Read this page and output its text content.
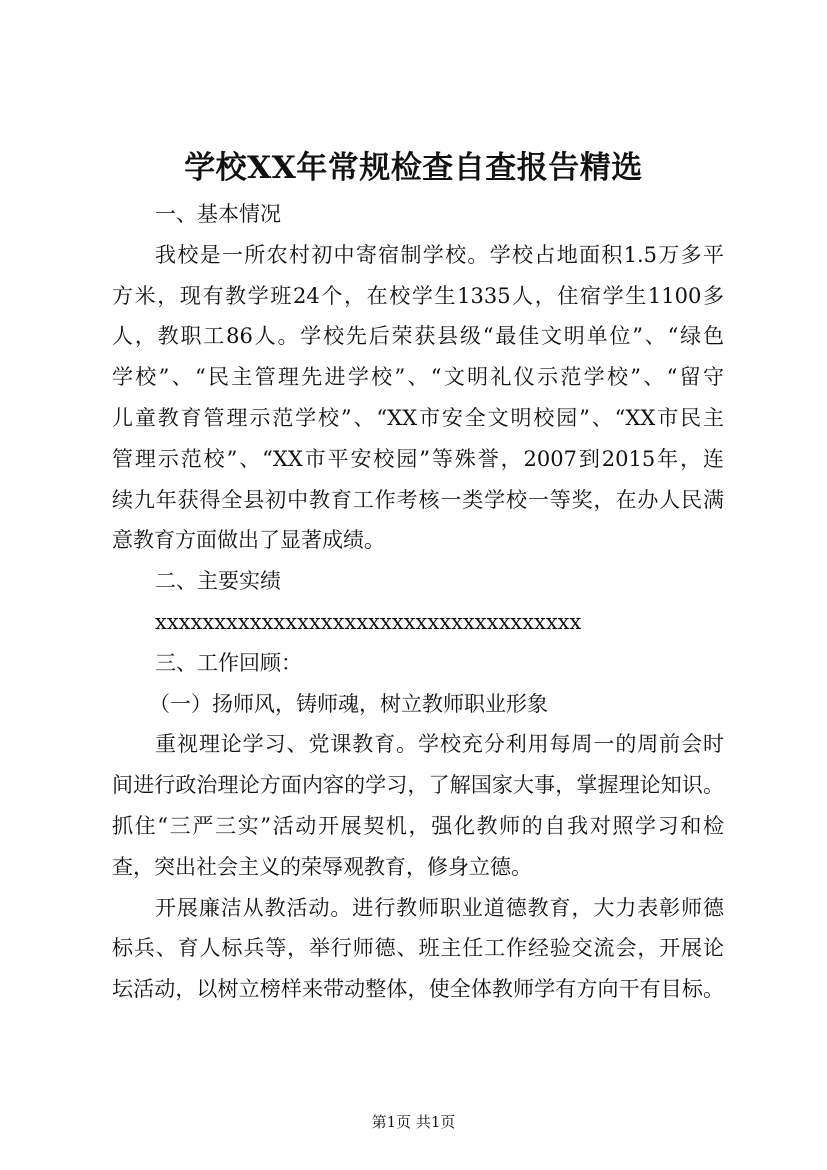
学校XX年常规检查自查报告精选
一、基本情况
我校是一所农村初中寄宿制学校。学校占地面积1.5万多平
方米，现有教学班24个，在校学生1335人，住宿学生1100多
人，教职工86人。学校先后荣获县级“最佳文明单位”、“绿色
学校”、“民主管理先进学校”、“文明礼仪示范学校”、“留守
儿童教育管理示范学校”、“XX市安全文明校园”、“XX市民主
管理示范校”、“XX市平安校园”等殊誉，2007到2015年，连
续九年获得全县初中教育工作考核一类学校一等奖，在办人民满
意教育方面做出了显著成绩。
二、主要实绩
xxxxxxxxxxxxxxxxxxxxxxxxxxxxxxxxxxxx
三、工作回顾：
（一）扬师风，铸师魂，树立教师职业形象
重视理论学习、党课教育。学校充分利用每周一的周前会时
间进行政治理论方面内容的学习，了解国家大事，掌握理论知识。
抓住“三严三实”活动开展契机，强化教师的自我对照学习和检
查，突出社会主义的荣辱观教育，修身立德。
开展廉洁从教活动。进行教师职业道德教育，大力表彰师德
标兵、育人标兵等，举行师德、班主任工作经验交流会，开展论
坛活动，以树立榜样来带动整体，使全体教师学有方向干有目标。
第1页 共1页
